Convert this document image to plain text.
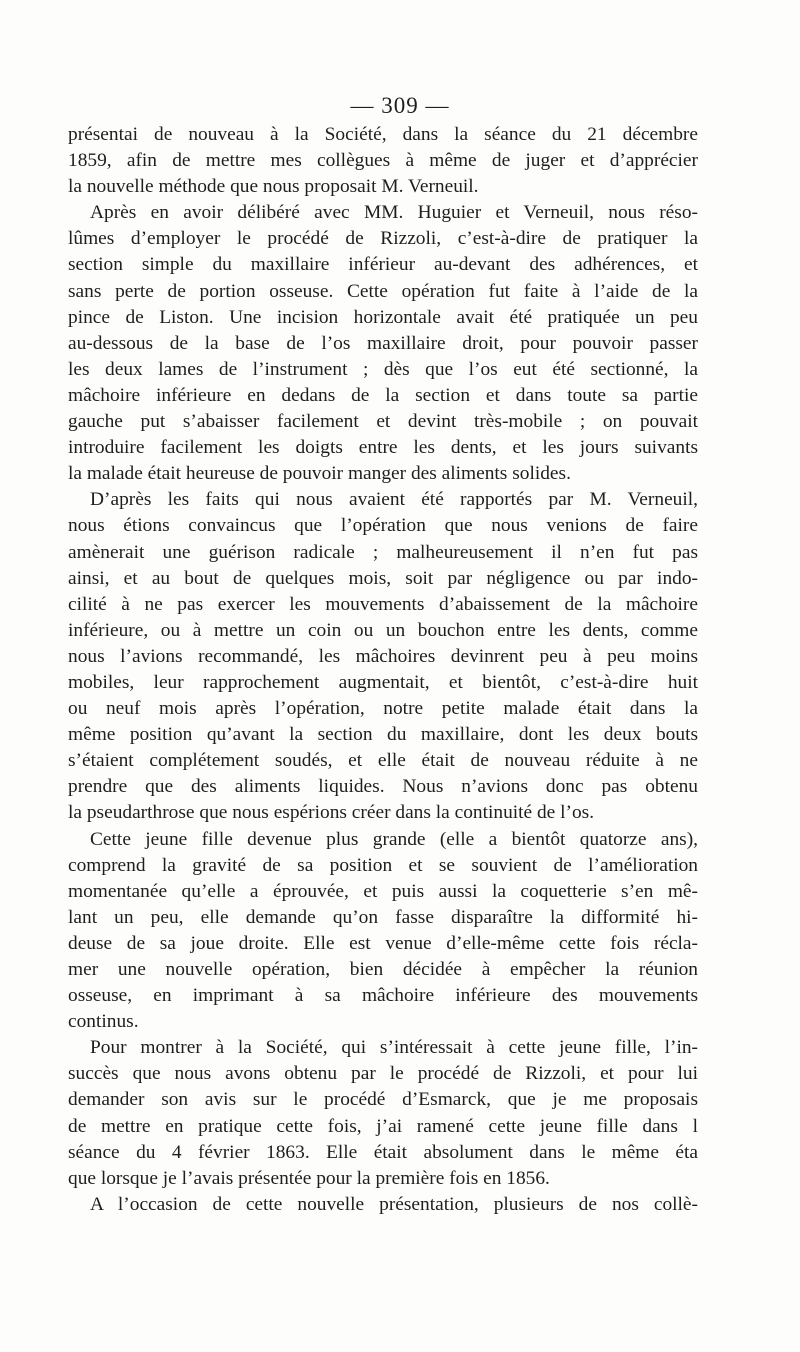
— 309 —
présentai de nouveau à la Société, dans la séance du 21 décembre
1859, afin de mettre mes collègues à même de juger et d’apprécier
la nouvelle méthode que nous proposait M. Verneuil.
Après en avoir délibéré avec MM. Huguier et Verneuil, nous réso-
lûmes d’employer le procédé de Rizzoli, c’est-à-dire de pratiquer la
section simple du maxillaire inférieur au-devant des adhérences, et
sans perte de portion osseuse. Cette opération fut faite à l’aide de la
pince de Liston. Une incision horizontale avait été pratiquée un peu
au-dessous de la base de l’os maxillaire droit, pour pouvoir passer
les deux lames de l’instrument ; dès que l’os eut été sectionné, la
mâchoire inférieure en dedans de la section et dans toute sa partie
gauche put s’abaisser facilement et devint très-mobile ; on pouvait
introduire facilement les doigts entre les dents, et les jours suivants
la malade était heureuse de pouvoir manger des aliments solides.
D’après les faits qui nous avaient été rapportés par M. Verneuil,
nous étions convaincus que l’opération que nous venions de faire
amènerait une guérison radicale ; malheureusement il n’en fut pas
ainsi, et au bout de quelques mois, soit par négligence ou par indo-
cilité à ne pas exercer les mouvements d’abaissement de la mâchoire
inférieure, ou à mettre un coin ou un bouchon entre les dents, comme
nous l’avions recommandé, les mâchoires devinrent peu à peu moins
mobiles, leur rapprochement augmentait, et bientôt, c’est-à-dire huit
ou neuf mois après l’opération, notre petite malade était dans la
même position qu’avant la section du maxillaire, dont les deux bouts
s’étaient complétement soudés, et elle était de nouveau réduite à ne
prendre que des aliments liquides. Nous n’avions donc pas obtenu
la pseudarthrose que nous espérions créer dans la continuité de l’os.
Cette jeune fille devenue plus grande (elle a bientôt quatorze ans),
comprend la gravité de sa position et se souvient de l’amélioration
momentanée qu’elle a éprouvée, et puis aussi la coquetterie s’en mê-
lant un peu, elle demande qu’on fasse disparaître la difformité hi-
deuse de sa joue droite. Elle est venue d’elle-même cette fois récla-
mer une nouvelle opération, bien décidée à empêcher la réunion
osseuse, en imprimant à sa mâchoire inférieure des mouvements
continus.
Pour montrer à la Société, qui s’intéressait à cette jeune fille, l’in-
succès que nous avons obtenu par le procédé de Rizzoli, et pour lui
demander son avis sur le procédé d’Esmarck, que je me proposais
de mettre en pratique cette fois, j’ai ramené cette jeune fille dans l
séance du 4 février 1863. Elle était absolument dans le même éta
que lorsque je l’avais présentée pour la première fois en 1856.
A l’occasion de cette nouvelle présentation, plusieurs de nos collè-
